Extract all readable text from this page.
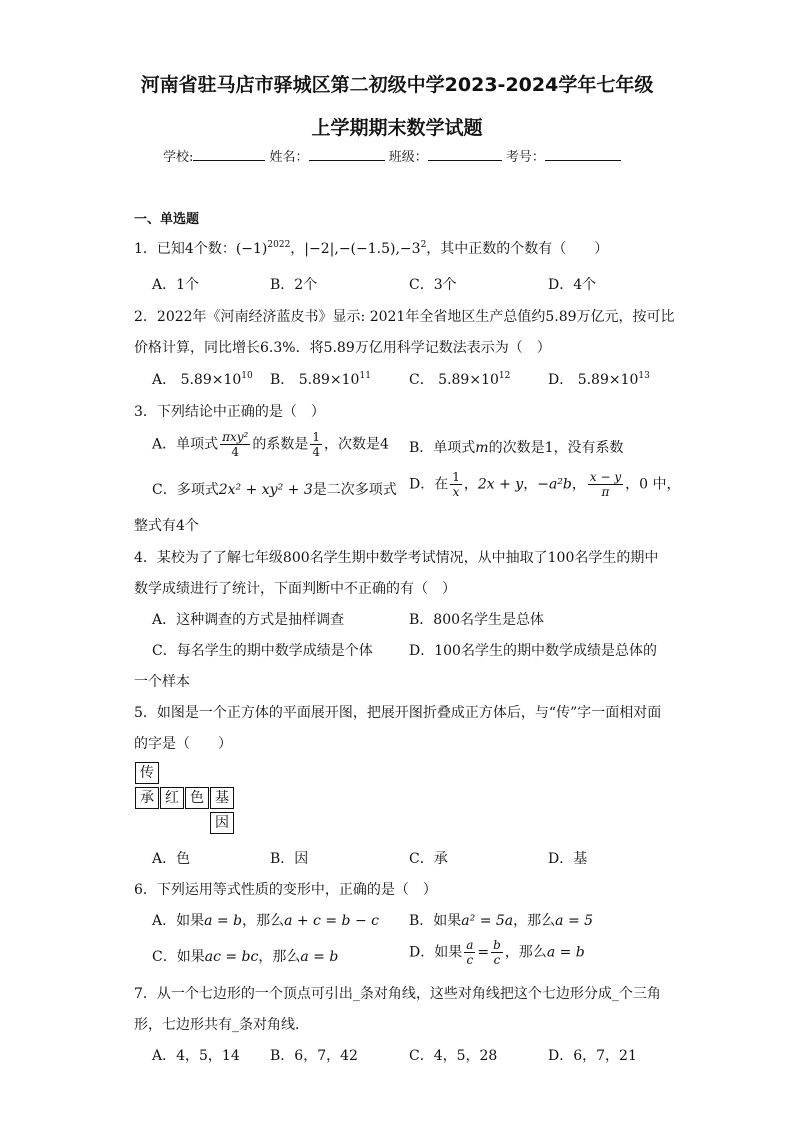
河南省驻马店市驿城区第二初级中学2023-2024学年七年级
上学期期末数学试题
学校:	姓名：	班级：	考号：
一、单选题
1．已知4个数：$(-1)^{2022}$，$|-2|,-(-1.5),-3^2$，其中正数的个数有（　　）
A．1个	B．2个	C．3个	D．4个
2．2022年《河南经济蓝皮书》显示: 2021年全省地区生产总值约5.89万亿元，按可比
价格计算，同比增长6.3%．将5.89万亿用科学记数法表示为（　）
A． $5.89\times 10^{10}$ B． $5.89\times 10^{11}$	C． $5.89\times 10^{12}$	D． $5.89\times 10^{13}$
3．下列结论中正确的是（　）
A．单项式 $\frac{\text{πxy²}}{4}$ 的系数是 $\frac{1}{4}$ ，次数是4 B．单项式m的次数是1，没有系数
C．多项式2x² + xy² + 3是二次多项式 D．在 $\frac{1}{x}$ ，2x + y，−a²b， $\frac{x - y}{\pi}$ ，0 中，
整式有4个
4．某校为了了解七年级800名学生期中数学考试情况，从中抽取了100名学生的期中
数学成绩进行了统计，下面判断中不正确的有（　）
A．这种调查的方式是抽样调查	B．800名学生是总体
C．每名学生的期中数学成绩是个体	D．100名学生的期中数学成绩是总体的
一个样本
5．如图是一个正方体的平面展开图，把展开图折叠成正方体后，与“传”字一面相对面
的字是（　　）
传
承 红 色 基
因
A．色	B．因	C．承	D．基
6．下列运用等式性质的变形中，正确的是（　）
A．如果a = b，那么a + c = b − c B．如果a² = 5a，那么a = 5
C．如果ac = bc，那么a = b	D．如果 $\frac{a}{c} = \frac{b}{c}$ ，那么a = b
7．从一个七边形的一个顶点可引出_条对角线，这些对角线把这个七边形分成_个三角
形，七边形共有_条对角线．
A．4，5，14 B．6，7，42	C．4，5，28	D．6，7，21
